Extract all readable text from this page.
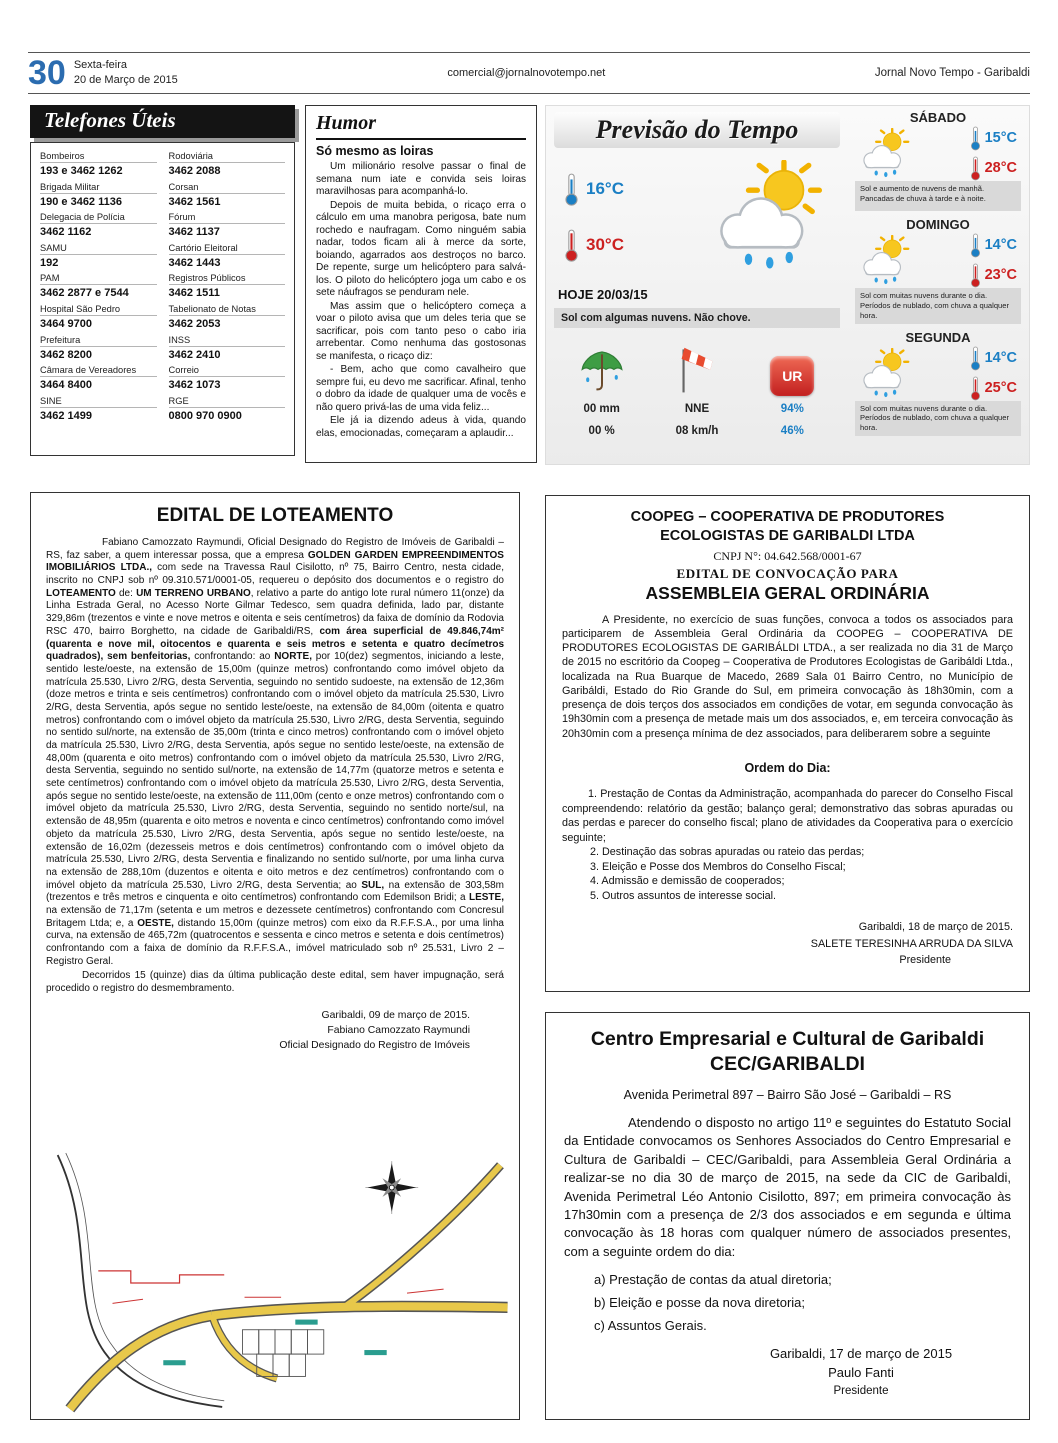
30 Sexta-feira
20 de Março de 2015
comercial@jornalnovotempo.net	Jornal Novo Tempo - Garibaldi
Telefones Úteis
Bombeiros
193 e 3462 1262
Brigada Militar
190 e 3462 1136
Delegacia de Polícia
3462 1162
SAMU
192
PAM
3462 2877 e 7544
Hospital São Pedro
3464 9700
Prefeitura
3462 8200
Câmara de Vereadores
3464 8400
SINE
3462 1499
Rodoviária
3462 2088
Corsan
3462 1561
Fórum
3462 1137
Cartório Eleitoral
3462 1443
Registros Públicos
3462 1511
Tabelionato de Notas
3462 2053
INSS
3462 2410
Correio
3462 1073
RGE
0800 970 0900
Humor
Só mesmo as loiras

Um milionário resolve passar o final de semana num iate e convida seis loiras maravilhosas para acompanhá-lo.

Depois de muita bebida, o ricaço erra o cálculo em uma manobra perigosa, bate num rochedo e naufragam. Como ninguém sabia nadar, todos ficam ali à merce da sorte, boiando, agarrados aos destroços no barco. De repente, surge um helicóptero para salvá-los. O piloto do helicóptero joga um cabo e os sete náufragos se penduram nele.

Mas assim que o helicóptero começa a voar o piloto avisa que um deles teria que se sacrificar, pois com tanto peso o cabo iria arrebentar. Como nenhuma das gostosonas se manifesta, o ricaço diz:

- Bem, acho que como cavalheiro que sempre fui, eu devo me sacrificar. Afinal, tenho o dobro da idade de qualquer uma de vocês e não quero privá-las de uma vida feliz...

Ele já ia dizendo adeus à vida, quando elas, emocionadas, começaram a aplaudir...

Previsão do Tempo
16°C
30°C
HOJE 20/03/15
Sol com algumas nuvens. Não chove.
00 mm
00 %
NNE
08 km/h
UR
94%
46%
SÁBADO
15°C
28°C
Sol e aumento de nuvens de manhã. Pancadas de chuva à tarde e à noite.
DOMINGO
14°C
23°C
Sol com muitas nuvens durante o dia. Períodos de nublado, com chuva a qualquer hora.
SEGUNDA
14°C
25°C
Sol com muitas nuvens durante o dia. Períodos de nublado, com chuva a qualquer hora.
EDITAL DE LOTEAMENTO
Fabiano Camozzato Raymundi, Oficial Designado do Registro de Imóveis de Garibaldi – RS, faz saber, a quem interessar possa, que a empresa GOLDEN GARDEN EMPREENDIMENTOS IMOBILIÁRIOS LTDA., com sede na Travessa Raul Cisilotto, nº 75, Bairro Centro, nesta cidade, inscrito no CNPJ sob nº 09.310.571/0001-05, requereu o depósito dos documentos e o registro do LOTEAMENTO de: UM TERRENO URBANO, relativo a parte do antigo lote rural número 11(onze) da Linha Estrada Geral, no Acesso Norte Gilmar Tedesco, sem quadra definida, lado par, distante 329,86m (trezentos e vinte e nove metros e oitenta e seis centímetros) da faixa de domínio da Rodovia RSC 470, bairro Borghetto, na cidade de Garibaldi/RS, com área superficial de 49.846,74m² (quarenta e nove mil, oitocentos e quarenta e seis metros e setenta e quatro decímetros quadrados), sem benfeitorias, confrontando: ao NORTE, por 10(dez) segmentos, iniciando a leste, sentido leste/oeste, na extensão de 15,00m (quinze metros) confrontando como imóvel objeto da matrícula 25.530, Livro 2/RG, desta Serventia, seguindo no sentido sudoeste, na extensão de 12,36m (doze metros e trinta e seis centímetros) confrontando com o imóvel objeto da matrícula 25.530, Livro 2/RG, desta Serventia, após segue no sentido leste/oeste, na extensão de 84,00m (oitenta e quatro metros) confrontando com o imóvel objeto da matrícula 25.530, Livro 2/RG, desta Serventia, seguindo no sentido sul/norte, na extensão de 35,00m (trinta e cinco metros) confrontando com o imóvel objeto da matrícula 25.530, Livro 2/RG, desta Serventia, após segue no sentido leste/oeste, na extensão de 48,00m (quarenta e oito metros) confrontando com o imóvel objeto da matrícula 25.530, Livro 2/RG, desta Serventia, seguindo no sentido sul/norte, na extensão de 14,77m (quatorze metros e setenta e sete centímetros) confrontando com o imóvel objeto da matrícula 25.530, Livro 2/RG, desta Serventia, após segue no sentido leste/oeste, na extensão de 111,00m (cento e onze metros) confrontando com o imóvel objeto da matrícula 25.530, Livro 2/RG, desta Serventia, seguindo no sentido norte/sul, na extensão de 48,95m (quarenta e oito metros e noventa e cinco centímetros) confrontando como imóvel objeto da matrícula 25.530, Livro 2/RG, desta Serventia, após segue no sentido leste/oeste, na extensão de 16,02m (dezesseis metros e dois centímetros) confrontando com o imóvel objeto da matrícula 25.530, Livro 2/RG, desta Serventia e finalizando no sentido sul/norte, por uma linha curva na extensão de 288,10m (duzentos e oitenta e oito metros e dez centímetros) confrontando com o imóvel objeto da matrícula 25.530, Livro 2/RG, desta Serventia; ao SUL, na extensão de 303,58m (trezentos e três metros e cinquenta e oito centímetros) confrontando com Edemilson Bridi; a LESTE, na extensão de 71,17m (setenta e um metros e dezessete centímetros) confrontando com Concresul Britagem Ltda; e, a OESTE, distando 15,00m (quinze metros) com eixo da R.F.F.S.A., por uma linha curva, na extensão de 465,72m (quatrocentos e sessenta e cinco metros e setenta e dois centímetros) confrontando com a faixa de domínio da R.F.F.S.A., imóvel matriculado sob nº 25.531, Livro 2 – Registro Geral.
Decorridos 15 (quinze) dias da última publicação deste edital, sem haver impugnação, será procedido o registro do desmembramento.
Garibaldi, 09 de março de 2015.
Fabiano Camozzato Raymundi
Oficial Designado do Registro de Imóveis
COOPEG – COOPERATIVA DE PRODUTORES
ECOLOGISTAS DE GARIBALDI LTDA
CNPJ N°: 04.642.568/0001-67
EDITAL DE CONVOCAÇÃO PARA
ASSEMBLEIA GERAL ORDINÁRIA
A Presidente, no exercício de suas funções, convoca a todos os associados para participarem de Assembleia Geral Ordinária da COOPEG – COOPERATIVA DE PRODUTORES ECOLOGISTAS DE GARIBÁLDI LTDA., a ser realizada no dia 31 de Março de 2015 no escritório da Coopeg – Cooperativa de Produtores Ecologistas de Garibáldi Ltda., localizada na Rua Buarque de Macedo, 2689 Sala 01 Bairro Centro, no Município de Garibáldi, Estado do Rio Grande do Sul, em primeira convocação às 18h30min, com a presença de dois terços dos associados em condições de votar, em segunda convocação às 19h30min com a presença de metade mais um dos associados, e, em terceira convocação às 20h30min com a presença mínima de dez associados, para deliberarem sobre a seguinte
Ordem do Dia:
1. Prestação de Contas da Administração, acompanhada do parecer do Conselho Fiscal compreendendo: relatório da gestão; balanço geral; demonstrativo das sobras apuradas ou das perdas e parecer do conselho fiscal; plano de atividades da Cooperativa para o exercício seguinte;
2. Destinação das sobras apuradas ou rateio das perdas;
3. Eleição e Posse dos Membros do Conselho Fiscal;
4. Admissão e demissão de cooperados;
5. Outros assuntos de interesse social.
Garibaldi, 18 de março de 2015.
SALETE TERESINHA ARRUDA DA SILVA
Presidente
Centro Empresarial e Cultural de Garibaldi
CEC/GARIBALDI
Avenida Perimetral 897 – Bairro São José – Garibaldi – RS
Atendendo o disposto no artigo 11º e seguintes do Estatuto Social da Entidade convocamos os Senhores Associados do Centro Empresarial e Cultura de Garibaldi – CEC/Garibaldi, para Assembleia Geral Ordinária a realizar-se no dia 30 de março de 2015, na sede da CIC de Garibaldi, Avenida Perimetral Léo Antonio Cisilotto, 897; em primeira convocação às 17h30min com a presença de 2/3 dos associados e em segunda e última convocação às 18 horas com qualquer número de associados presentes, com a seguinte ordem do dia:
a) Prestação de contas da atual diretoria;
b) Eleição e posse da nova diretoria;
c) Assuntos Gerais.
Garibaldi, 17 de março de 2015
Paulo Fanti
Presidente
